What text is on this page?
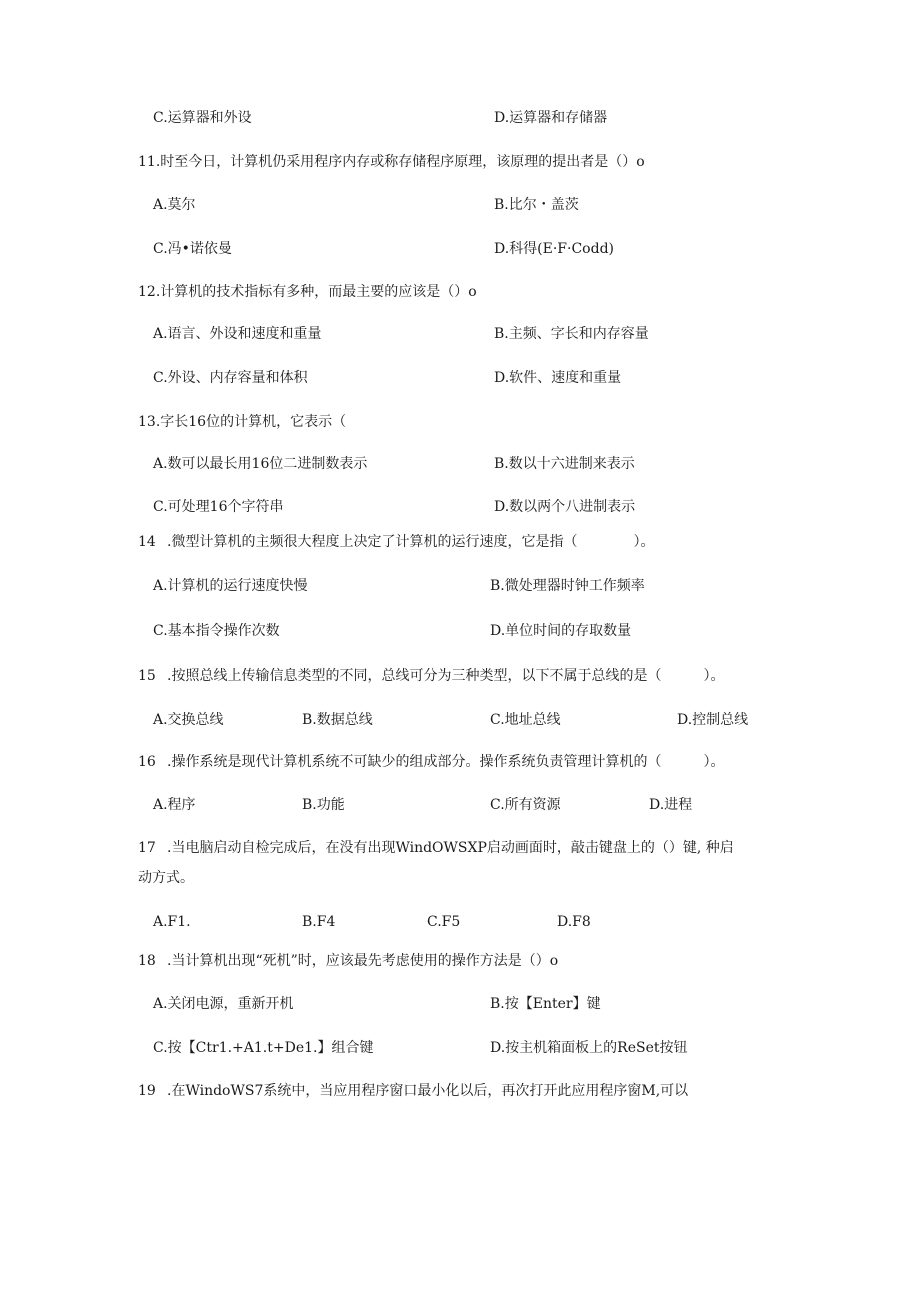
C.运算器和外设	D.运算器和存储器
11.时至今日，计算机仍采用程序内存或称存储程序原理，该原理的提出者是（）o
A.莫尔	B.比尔・盖茨
C.冯•诺依曼	D.科得(E·F·Codd)
12.计算机的技术指标有多种，而最主要的应该是（）o
A.语言、外设和速度和重量	B.主频、字长和内存容量
C.外设、内存容量和体积	D.软件、速度和重量
13.字长16位的计算机，它表示（
A.数可以最长用16位二进制数表示	B.数以十六进制来表示
C.可处理16个字符串	D.数以两个八进制表示
14 .微型计算机的主频很大程度上决定了计算机的运行速度，它是指（　　　　）。
A.计算机的运行速度快慢	B.微处理器时钟工作频率
C.基本指令操作次数	D.单位时间的存取数量
15 .按照总线上传输信息类型的不同，总线可分为三种类型，以下不属于总线的是（　　　）。
A.交换总线	B.数据总线	C.地址总线	D.控制总线
16 .操作系统是现代计算机系统不可缺少的组成部分。操作系统负责管理计算机的（　　　）。
A.程序	B.功能	C.所有资源	D.进程
17 .当电脑启动自检完成后，在没有出现WindOWSXP启动画面时，敲击键盘上的（）键, 种启
动方式。
A.F1.	B.F4	C.F5	D.F8
18 .当计算机出现“死机”时，应该最先考虑使用的操作方法是（）o
A.关闭电源，重新开机	B.按【Enter】键
C.按【Ctr1.+A1.t+De1.】组合键	D.按主机箱面板上的ReSet按钮
19 .在WindoWS7系统中，当应用程序窗口最小化以后，再次打开此应用程序窗M,可以
